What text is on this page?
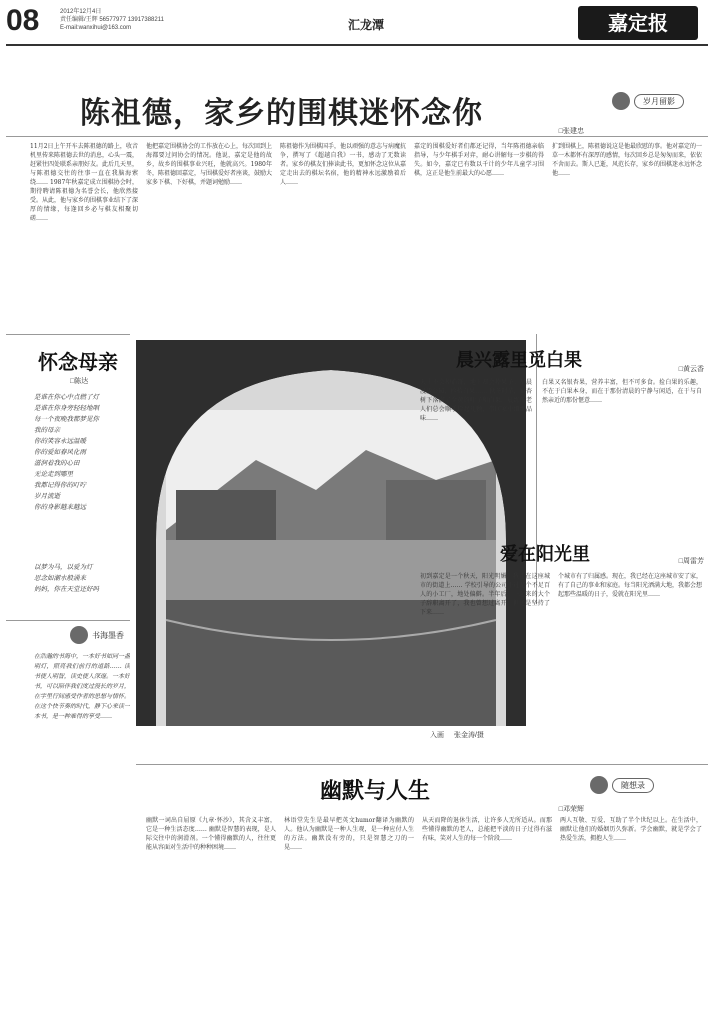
08	2012年12月4日
责任编辑/王辉 56577977 13917388211
E-mail:wanxihui@163.com	汇龙潭	嘉定报
陈祖德，家乡的围棋迷怀念你	岁月留影
□张建忠
11月2日上午开车去陈祖德的路上，收音机里传来陈祖德去世的消息，心头一震，赶紧往四处联系亲朋好友。此后几天里，与陈祖德交往的往事一直在我脑海萦绕…… 1987年秋嘉定成立围棋协会时，期待聘请陈祖德为名誉会长，他欣然接受。从此，他与家乡的围棋事业结下了深厚的情缘，每逢回乡必与棋友相聚切磋……
他把嘉定围棋协会的工作放在心上，每次回到上海都要过问协会的情况。他说，嘉定是他的故乡，故乡的围棋事业兴旺，他就高兴。1980年冬，陈祖德回嘉定，与围棋爱好者座谈，鼓励大家多下棋、下好棋，并题词勉励……
陈祖德作为围棋国手，他以顽强的意志与病魔抗争，撰写了《超越自我》一书，感动了无数读者。家乡的棋友们捧读此书，更加怀念这位从嘉定走出去的棋坛名宿，他的精神永远激励着后人……
嘉定的围棋爱好者们都还记得，当年陈祖德亲临指导，与少年棋手对弈，耐心讲解每一步棋的得失。如今，嘉定已有数以千计的少年儿童学习围棋，这正是他生前最大的心愿……
扩到围棋上，陈祖德说这是他最欣慰的事。他对嘉定的一草一木都怀有深厚的感情，每次回乡总是匆匆而来，依依不舍而去。斯人已逝，风范长存，家乡的围棋迷永远怀念他……
怀念母亲
□陈达
是谁在你心中点燃了灯
是谁在你身旁轻轻地唱
每一个夜晚我都梦见你
我的母亲
你的笑容永远温暖
你的爱如春风化雨
滋润着我的心田
无论走到哪里
我都记得你的叮咛
岁月流逝
你的身影越来越远
以梦为马，以爱为灯
思念如潮水般涌来
妈妈，你在天堂还好吗
书海墨香
在浩瀚的书海中，一本好书如同一盏明灯，照亮我们前行的道路…… 读书使人明智，读史使人深邃。一本好书，可以陪伴我们度过漫长的岁月，在字里行间感受作者的思想与情怀。在这个快节奏的时代，静下心来读一本书，是一种难得的享受……
入画 张金涛/摄
晨兴露里觅白果	□黄云香
天上不会掉馅饼，地上却会掉果子。早晨漫步公园，捡拾白果…… 秋冬时节，银杏树下落满了金黄的叶子和白果，晨练的老人们总会顺手捡起几颗，带回家中细细品味……
白果又名银杏果，营养丰富，但不可多食。捡白果的乐趣，不在于白果本身，而在于那份清晨的宁静与闲适，在于与自然亲近的那份惬意……
爱在阳光里	□周雷芳
初到嘉定是一个秋天，阳光明媚，我走在这座城市的街道上…… 学校引导的公司不过是个不足百人的小工厂，地处偏僻。半年后，一起来的大个子辞职离开了，我也曾想过离开，但还是坚持了下来……
个城市有了归属感。现在，我已经在这座城市安了家，有了自己的事业和家庭。每当阳光洒满大地，我都会想起那些温暖的日子，爱就在阳光里……
幽默与人生	随想录
□邓荣辉
幽默一词出自屈原《九章·怀沙》，其含义丰富，它是一种生活态度…… 幽默是智慧的表现，是人际交往中的润滑剂。一个懂得幽默的人，往往更能从容面对生活中的种种困境……
林语堂先生是最早把英文humor翻译为幽默的人。他认为幽默是一种人生观，是一种应付人生的方法。幽默没有旁的，只是智慧之刀的一晃……
从天而降的退休生活，让许多人无所适从。而那些懂得幽默的老人，总能把平淡的日子过得有滋有味，笑对人生的每一个阶段……
两人互敬、互爱、互助了半个世纪以上。在生活中，幽默让他们的婚姻历久弥新。学会幽默，就是学会了热爱生活，拥抱人生……
